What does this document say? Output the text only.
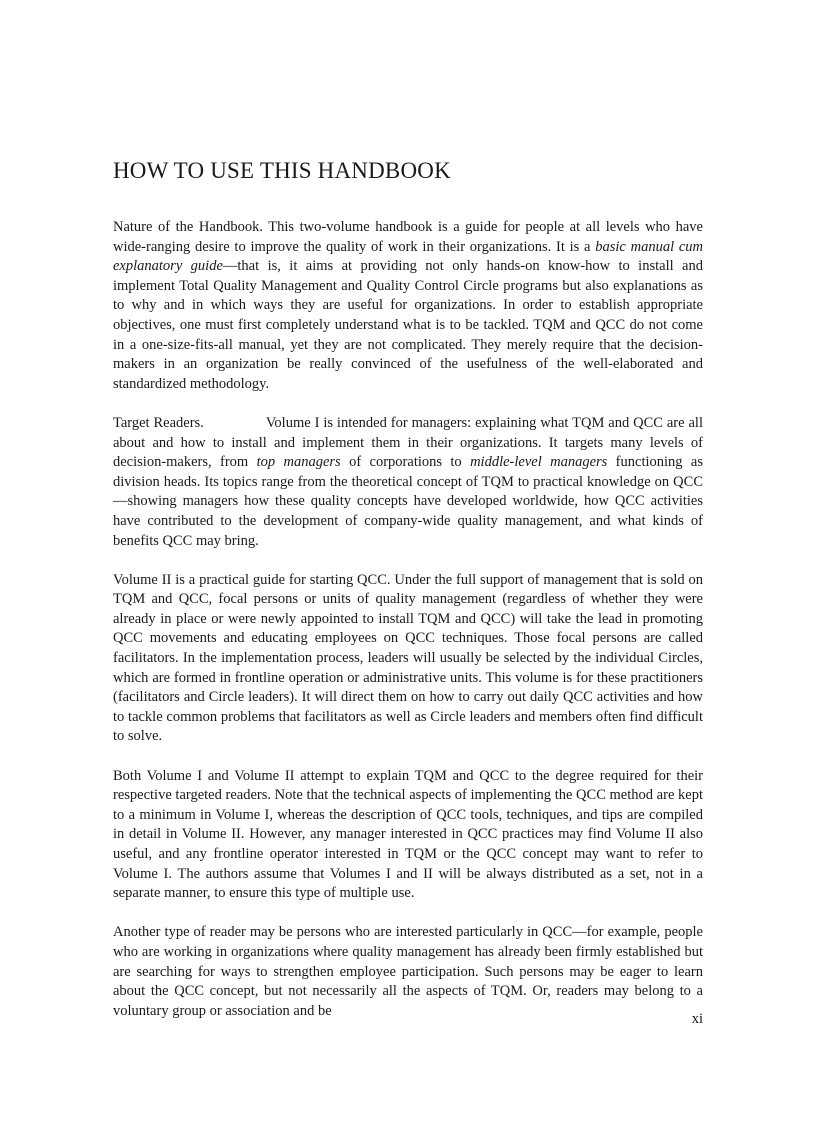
HOW TO USE THIS HANDBOOK

Nature of the Handbook. This two-volume handbook is a guide for people at all levels who have wide-ranging desire to improve the quality of work in their organizations. It is a basic manual cum explanatory guide—that is, it aims at providing not only hands-on know-how to install and implement Total Quality Management and Quality Control Circle programs but also explanations as to why and in which ways they are useful for organizations. In order to establish appropriate objectives, one must first completely understand what is to be tackled. TQM and QCC do not come in a one-size-fits-all manual, yet they are not complicated. They merely require that the decision-makers in an organization be really convinced of the usefulness of the well-elaborated and standardized methodology.

Target Readers.	Volume I is intended for managers: explaining what TQM and QCC are all about and how to install and implement them in their organizations. It targets many levels of decision-makers, from top managers of corporations to middle-level managers functioning as division heads. Its topics range from the theoretical concept of TQM to practical knowledge on QCC—showing managers how these quality concepts have developed worldwide, how QCC activities have contributed to the development of company-wide quality management, and what kinds of benefits QCC may bring.

Volume II is a practical guide for starting QCC. Under the full support of management that is sold on TQM and QCC, focal persons or units of quality management (regardless of whether they were already in place or were newly appointed to install TQM and QCC) will take the lead in promoting QCC movements and educating employees on QCC techniques. Those focal persons are called facilitators. In the implementation process, leaders will usually be selected by the individual Circles, which are formed in frontline operation or administrative units. This volume is for these practitioners (facilitators and Circle leaders). It will direct them on how to carry out daily QCC activities and how to tackle common problems that facilitators as well as Circle leaders and members often find difficult to solve.

Both Volume I and Volume II attempt to explain TQM and QCC to the degree required for their respective targeted readers. Note that the technical aspects of implementing the QCC method are kept to a minimum in Volume I, whereas the description of QCC tools, techniques, and tips are compiled in detail in Volume II. However, any manager interested in QCC practices may find Volume II also useful, and any frontline operator interested in TQM or the QCC concept may want to refer to Volume I. The authors assume that Volumes I and II will be always distributed as a set, not in a separate manner, to ensure this type of multiple use.

Another type of reader may be persons who are interested particularly in QCC—for example, people who are working in organizations where quality management has already been firmly established but are searching for ways to strengthen employee participation. Such persons may be eager to learn about the QCC concept, but not necessarily all the aspects of TQM. Or, readers may belong to a voluntary group or association and be

xi
